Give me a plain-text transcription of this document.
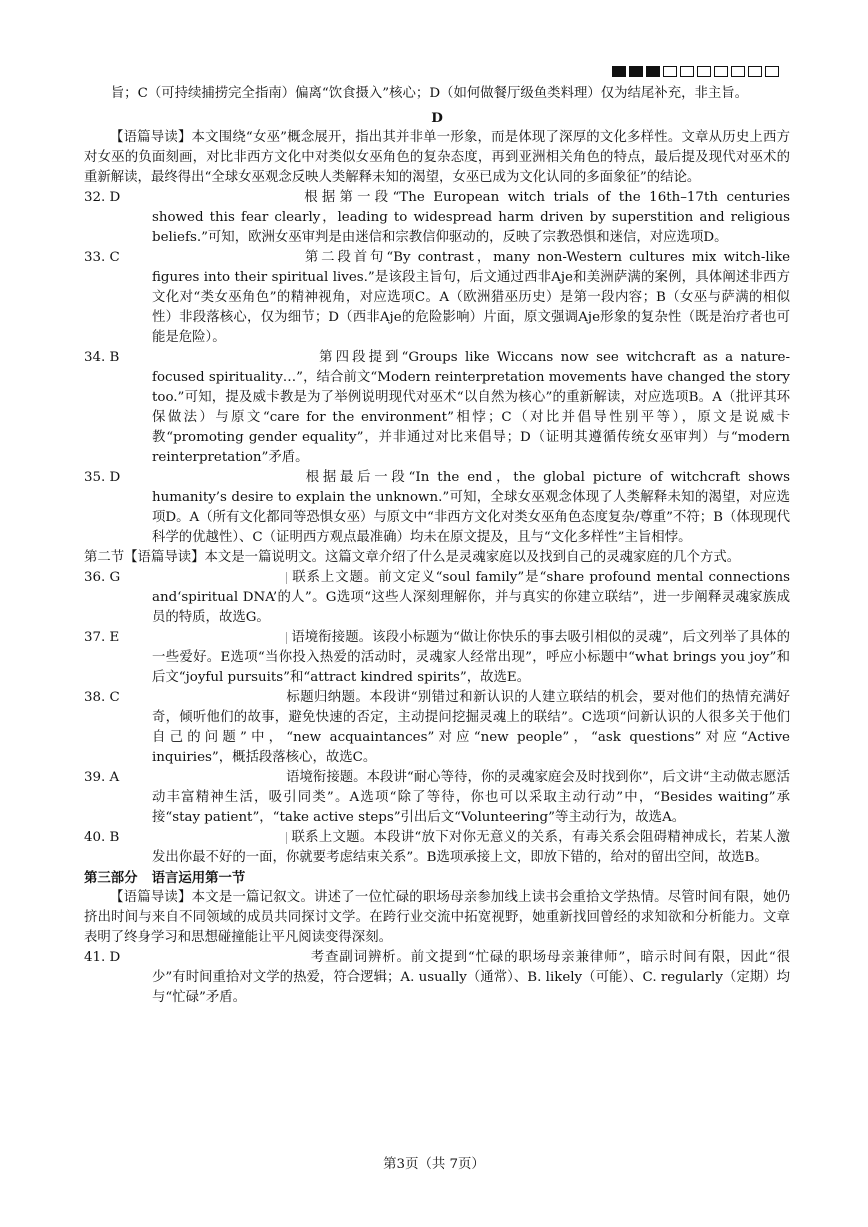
旨；C（可持续捕捞完全指南）偏离“饮食摄入”核心；D（如何做餐厅级鱼类料理）仅为结尾补充，非主旨。

D

【语篇导读】本文围绕“女巫”概念展开，指出其并非单一形象，而是体现了深厚的文化多样性。文章从历史上西方对女巫的负面刻画，对比非西方文化中对类似女巫角色的复杂态度，再到亚洲相关角色的特点，最后提及现代对巫术的重新解读，最终得出“全球女巫观念反映人类解释未知的渴望，女巫已成为文化认同的多面象征”的结论。

32. D	根据第一段“The European witch trials of the 16th–17th centuries showed this fear clearly，leading to widespread harm driven by superstition and religious beliefs.”可知，欧洲女巫审判是由迷信和宗教信仰驱动的，反映了宗教恐惧和迷信，对应选项D。
33. C	第二段首句“By contrast，many non-Western cultures mix witch-like figures into their spiritual lives.”是该段主旨句，后文通过西非Aje和美洲萨满的案例，具体阐述非西方文化对“类女巫角色”的精神视角，对应选项C。A（欧洲猎巫历史）是第一段内容；B（女巫与萨满的相似性）非段落核心，仅为细节；D（西非Aje的危险影响）片面，原文强调Aje形象的复杂性（既是治疗者也可能是危险）。
34. B	第四段提到“Groups like Wiccans now see witchcraft as a nature-focused spirituality…”，结合前文“Modern reinterpretation movements have changed the story too.”可知，提及威卡教是为了举例说明现代对巫术“以自然为核心”的重新解读，对应选项B。A（批评其环保做法）与原文“care for the environment”相悖；C（对比并倡导性别平等），原文是说威卡教“promoting gender equality”，并非通过对比来倡导；D（证明其遵循传统女巫审判）与“modern reinterpretation”矛盾。
35. D	根据最后一段“In the end，the global picture of witchcraft shows humanity’s desire to explain the unknown.”可知，全球女巫观念体现了人类解释未知的渴望，对应选项D。A（所有文化都同等恐惧女巫）与原文中“非西方文化对类女巫角色态度复杂/尊重”不符；B（体现现代科学的优越性）、C（证明西方观点最准确）均未在原文提及，且与“文化多样性”主旨相悖。

第二节【语篇导读】本文是一篇说明文。这篇文章介绍了什么是灵魂家庭以及找到自己的灵魂家庭的几个方式。

36. G	联系上文题。前文定义“soul family”是“share profound mental connections and‘spiritual DNA’的人”。G选项“这些人深刻理解你，并与真实的你建立联结”，进一步阐释灵魂家族成员的特质，故选G。
37. E	语境衔接题。该段小标题为“做让你快乐的事去吸引相似的灵魂”，后文列举了具体的一些爱好。E选项“当你投入热爱的活动时，灵魂家人经常出现”，呼应小标题中“what brings you joy”和后文“joyful pursuits”和“attract kindred spirits”，故选E。
38. C	标题归纳题。本段讲“别错过和新认识的人建立联结的机会，要对他们的热情充满好奇，倾听他们的故事，避免快速的否定，主动提问挖掘灵魂上的联结”。C选项“问新认识的人很多关于他们自己的问题”中，“new acquaintances”对应“new people”，“ask questions”对应“Active inquiries”，概括段落核心，故选C。
39. A	语境衔接题。本段讲“耐心等待，你的灵魂家庭会及时找到你”，后文讲“主动做志愿活动丰富精神生活，吸引同类”。A选项“除了等待，你也可以采取主动行动”中，“Besides waiting”承接“stay patient”，“take active steps”引出后文“Volunteering”等主动行为，故选A。
40. B	联系上文题。本段讲“放下对你无意义的关系，有毒关系会阻碍精神成长，若某人激发出你最不好的一面，你就要考虑结束关系”。B选项承接上文，即放下错的，给对的留出空间，故选B。

第三部分 语言运用第一节

【语篇导读】本文是一篇记叙文。讲述了一位忙碌的职场母亲参加线上读书会重拾文学热情。尽管时间有限，她仍挤出时间与来自不同领域的成员共同探讨文学。在跨行业交流中拓宽视野，她重新找回曾经的求知欲和分析能力。文章表明了终身学习和思想碰撞能让平凡阅读变得深刻。

41. D	考查副词辨析。前文提到“忙碌的职场母亲兼律师”，暗示时间有限，因此“很少”有时间重拾对文学的热爱，符合逻辑；A. usually（通常）、B. likely（可能）、C. regularly（定期）均与“忙碌”矛盾。
第3页（共 7页）
